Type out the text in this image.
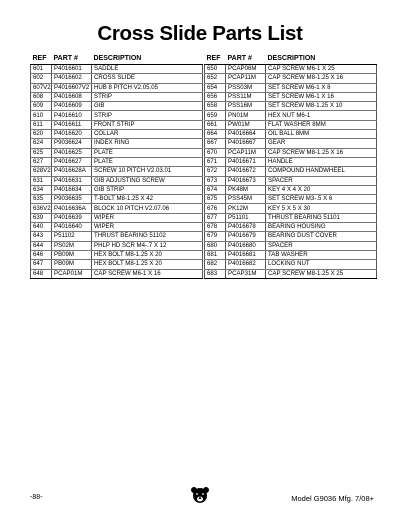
Cross Slide Parts List
REF	PART #	DESCRIPTION
601	P4016601	SADDLE
602	P4016602	CROSS SLIDE
607V2	P4016607V2	HUB 8 PITCH V2.05.05
608	P4016608	STRIP
609	P4016609	GIB
610	P4016610	STRIP
611	P4016611	FRONT STRIP
620	P4016620	COLLAR
624	P9036624	INDEX RING
625	P4016625	PLATE
627	P4016627	PLATE
628V2	P4016628A	SCREW 10 PITCH V2.03.01
631	P4016631	GIB ADJUSTING SCREW
634	P4016634	GIB STRIP
635	P9036635	T-BOLT M8-1.25 X 42
636V2	P4016636A	BLOCK 10 PITCH V2.07.06
639	P4016639	WIPER
640	P4016640	WIPER
643	P51102	THRUST BEARING 51102
644	PS02M	PHLP HD SCR M4-.7 X 12
646	PB09M	HEX BOLT M8-1.25 X 20
647	PB09M	HEX BOLT M8-1.25 X 20
648	PCAP01M	CAP SCREW M6-1 X 16
REF	PART #	DESCRIPTION
650	PCAP06M	CAP SCREW M6-1 X 25
652	PCAP11M	CAP SCREW M8-1.25 X 16
654	PSS03M	SET SCREW M6-1 X 8
656	PSS11M	SET SCREW M6-1 X 16
658	PSS16M	SET SCREW M8-1.25 X 10
659	PN01M	HEX NUT M6-1
661	PW01M	FLAT WASHER 8MM
664	P4016664	OIL BALL 8MM
667	P4016667	GEAR
670	PCAP11M	CAP SCREW M8-1.25 X 16
671	P4016671	HANDLE
672	P4016672	COMPOUND HANDWHEEL
673	P4016673	SPACER
674	PK48M	KEY 4 X 4 X 20
675	PSS45M	SET SCREW M3-.5 X 6
676	PK12M	KEY 5 X 5 X 30
677	P51101	THRUST BEARING 51101
678	P4016678	BEARING HOUSING
679	P4016679	BEARING DUST COVER
680	P4016680	SPACER
681	P4016681	TAB WASHER
682	P4016682	LOCKING NUT
683	PCAP31M	CAP SCREW M8-1.25 X 25
-88-	Model G9036 Mfg. 7/08+
